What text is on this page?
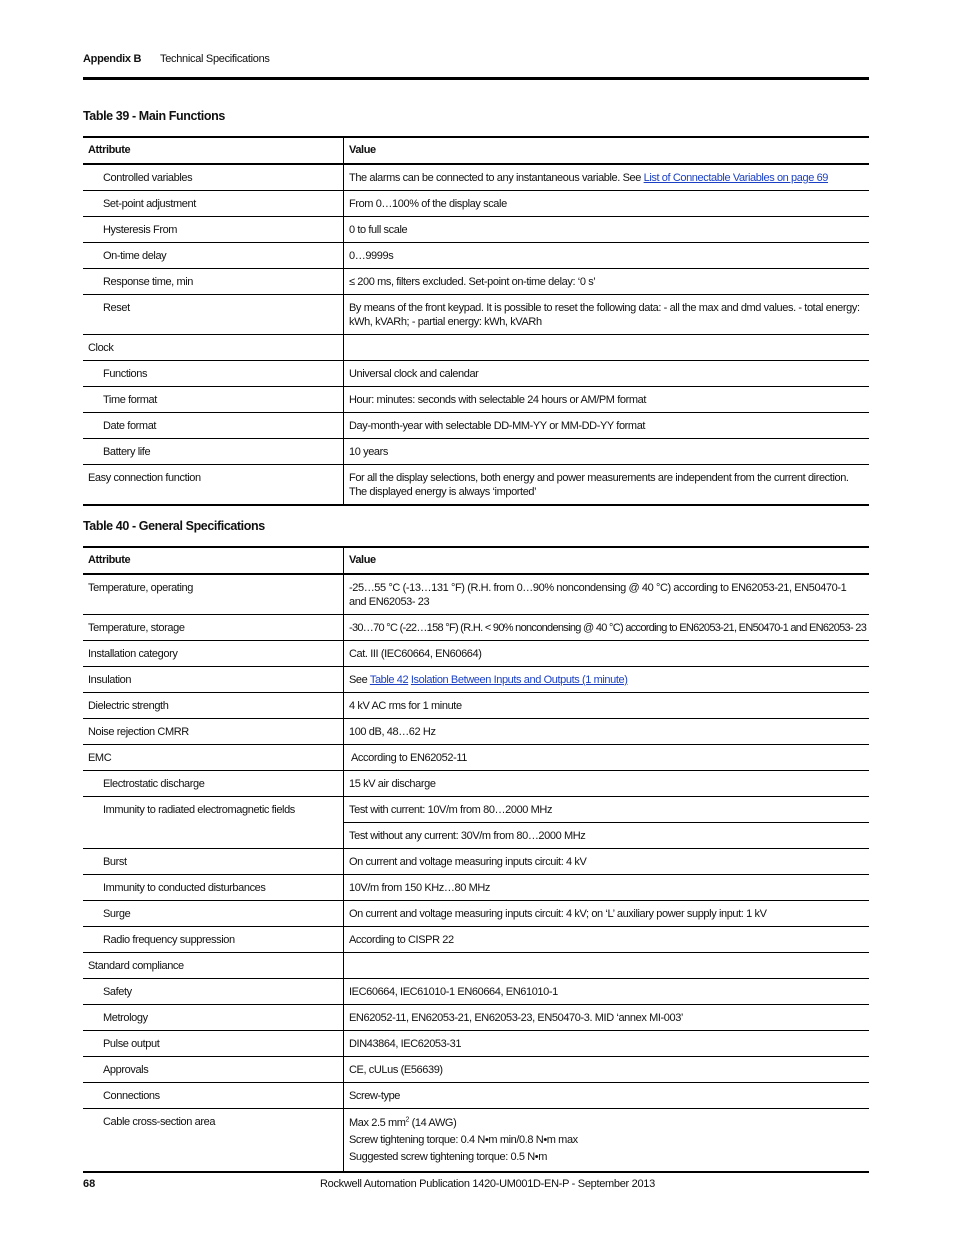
Appendix B Technical Specifications
Table 39 - Main Functions
Attribute	Value
Controlled variables	The alarms can be connected to any instantaneous variable. See List of Connectable Variables on page 69
Set-point adjustment	From 0…100% of the display scale
Hysteresis From	0 to full scale
On-time delay	0…9999s
Response time, min	≤ 200 ms, filters excluded. Set-point on-time delay: ‘0 s’
Reset	By means of the front keypad. It is possible to reset the following data: - all the max and dmd values. - total energy: kWh, kVARh; - partial energy: kWh, kVARh
Clock	
Functions	Universal clock and calendar
Time format	Hour: minutes: seconds with selectable 24 hours or AM/PM format
Date format	Day-month-year with selectable DD-MM-YY or MM-DD-YY format
Battery life	10 years
Easy connection function	For all the display selections, both energy and power measurements are independent from the current direction. The displayed energy is always ‘imported’
Table 40 - General Specifications
Attribute	Value
Temperature, operating	-25…55 °C (-13…131 °F) (R.H. from 0…90% noncondensing @ 40 °C) according to EN62053-21, EN50470-1 and EN62053- 23
Temperature, storage	-30…70 °C (-22…158 °F) (R.H. < 90% noncondensing @ 40 °C) according to EN62053-21, EN50470-1 and EN62053- 23
Installation category	Cat. III (IEC60664, EN60664)
Insulation	See Table 42 Isolation Between Inputs and Outputs (1 minute)
Dielectric strength	4 kV AC rms for 1 minute
Noise rejection CMRR	100 dB, 48…62 Hz
EMC	According to EN62052-11
Electrostatic discharge	15 kV air discharge
Immunity to radiated electromagnetic fields	Test with current: 10V/m from 80…2000 MHz
	Test without any current: 30V/m from 80…2000 MHz
Burst	On current and voltage measuring inputs circuit: 4 kV
Immunity to conducted disturbances	10V/m from 150 KHz…80 MHz
Surge	On current and voltage measuring inputs circuit: 4 kV; on ‘L’ auxiliary power supply input: 1 kV
Radio frequency suppression	According to CISPR 22
Standard compliance	
Safety	IEC60664, IEC61010-1 EN60664, EN61010-1
Metrology	EN62052-11, EN62053-21, EN62053-23, EN50470-3. MID ‘annex MI-003’
Pulse output	DIN43864, IEC62053-31
Approvals	CE, cULus (E56639)
Connections	Screw-type
Cable cross-section area	Max 2.5 $mm^2$ (14 AWG)
Screw tightening torque: 0.4 N•m min/0.8 N•m max
Suggested screw tightening torque: 0.5 N•m
68	Rockwell Automation Publication 1420-UM001D-EN-P - September 2013
